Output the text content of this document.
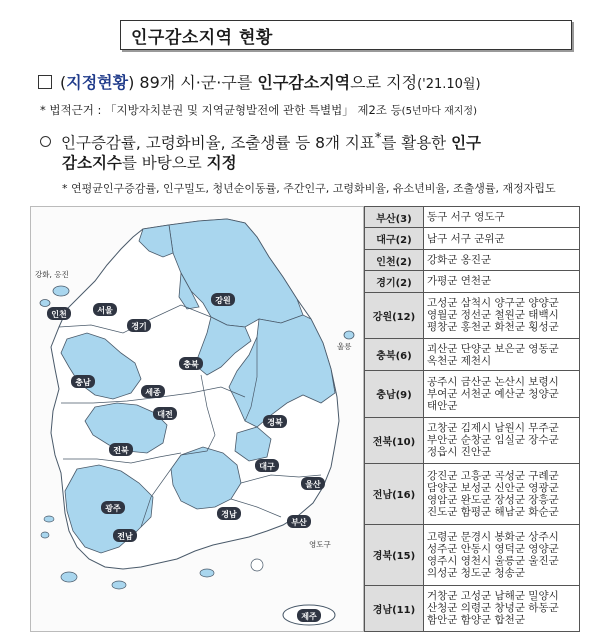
인구감소지역 현황
(지정현황) 89개 시·군·구를 인구감소지역으로 지정('21.10월)
* 법적근거 : 「지방자치분권 및 지역균형발전에 관한 특별법」 제2조 등(5년마다 재지정)
인구증감률, 고령화비율, 조출생률 등 8개 지표*를 활용한 인구
감소지수를 바탕으로 지정
* 연평균인구증감률, 인구밀도, 청년순이동률, 주간인구, 고령화비율, 유소년비율, 조출생률, 재정자립도
서울
인천
경기
강원
충북
충남
세종
대전
전북
경북
대구
울산
부산
경남
광주
전남
제주
울릉
강화, 옹진
영도구
부산(3)	동구 서구 영도구
대구(2)	남구 서구 군위군
인천(2)	강화군 옹진군
경기(2)	가평군 연천군
강원(12)	고성군 삼척시 양구군 양양군 영월군 정선군 철원군 태백시 평창군 홍천군 화천군 횡성군
충북(6)	괴산군 단양군 보은군 영동군 옥천군 제천시
충남(9)	공주시 금산군 논산시 보령시 부여군 서천군 예산군 청양군 태안군
전북(10)	고창군 김제시 남원시 무주군 부안군 순창군 임실군 장수군 정읍시 진안군
전남(16)	강진군 고흥군 곡성군 구례군 담양군 보성군 신안군 영광군 영암군 완도군 장성군 장흥군 진도군 함평군 해남군 화순군
경북(15)	고령군 문경시 봉화군 상주시 성주군 안동시 영덕군 영양군 영주시 영천시 울릉군 울진군 의성군 청도군 청송군
경남(11)	거창군 고성군 남해군 밀양시 산청군 의령군 창녕군 하동군 함안군 함양군 합천군
